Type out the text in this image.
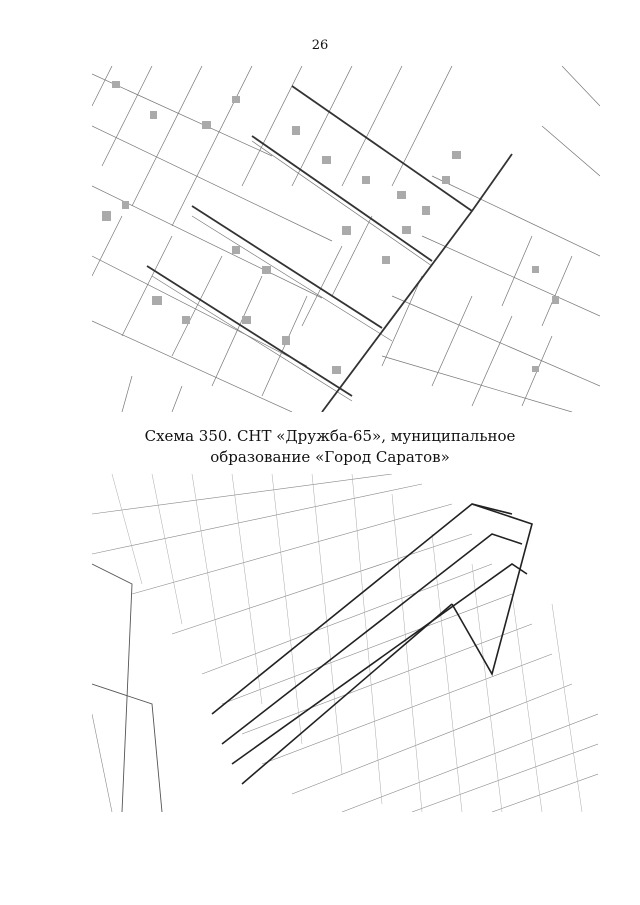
26
Схема 350. СНТ «Дружба-65», муниципальное образование «Город Саратов»
